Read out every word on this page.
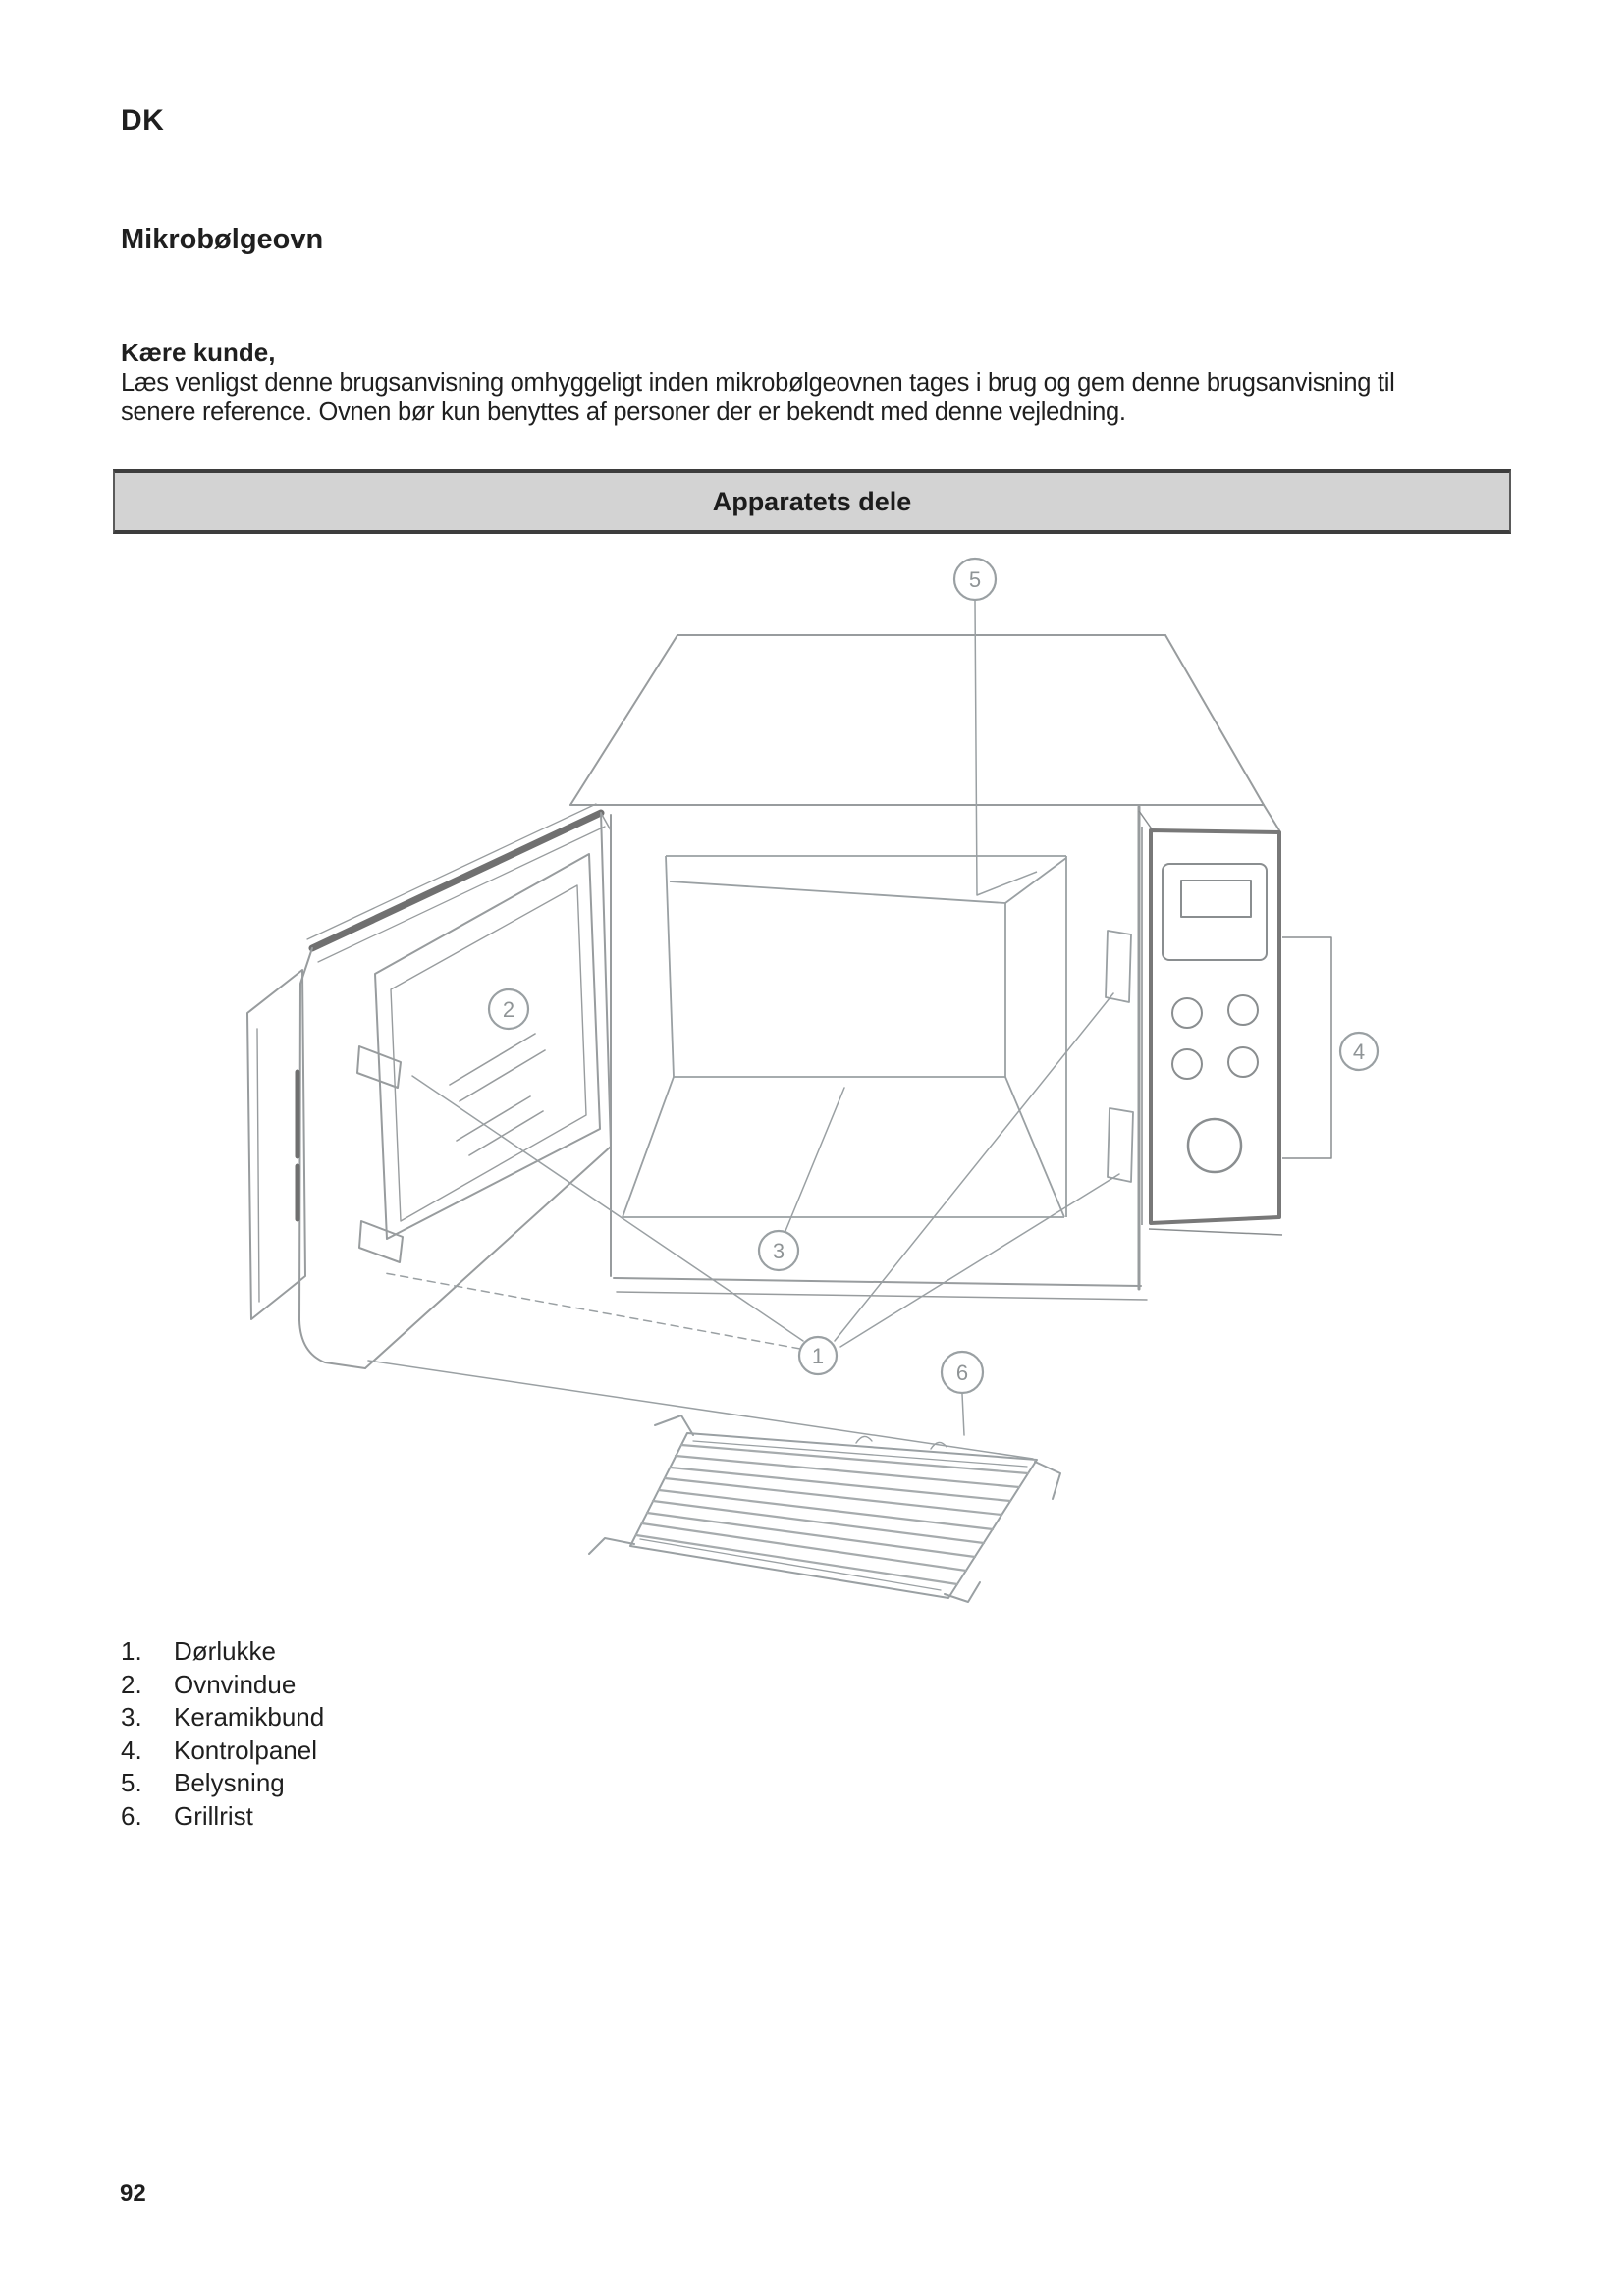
DK
Mikrobølgeovn
Kære kunde,
Læs venligst denne brugsanvisning omhyggeligt inden mikrobølgeovnen tages i brug og gem denne brugsanvisning til
senere reference. Ovnen bør kun benyttes af personer der er bekendt med denne vejledning.
Apparatets dele
1
2
3
4
5
6
1.	Dørlukke
2.	Ovnvindue
3.	Keramikbund
4.	Kontrolpanel
5.	Belysning
6.	Grillrist
92
